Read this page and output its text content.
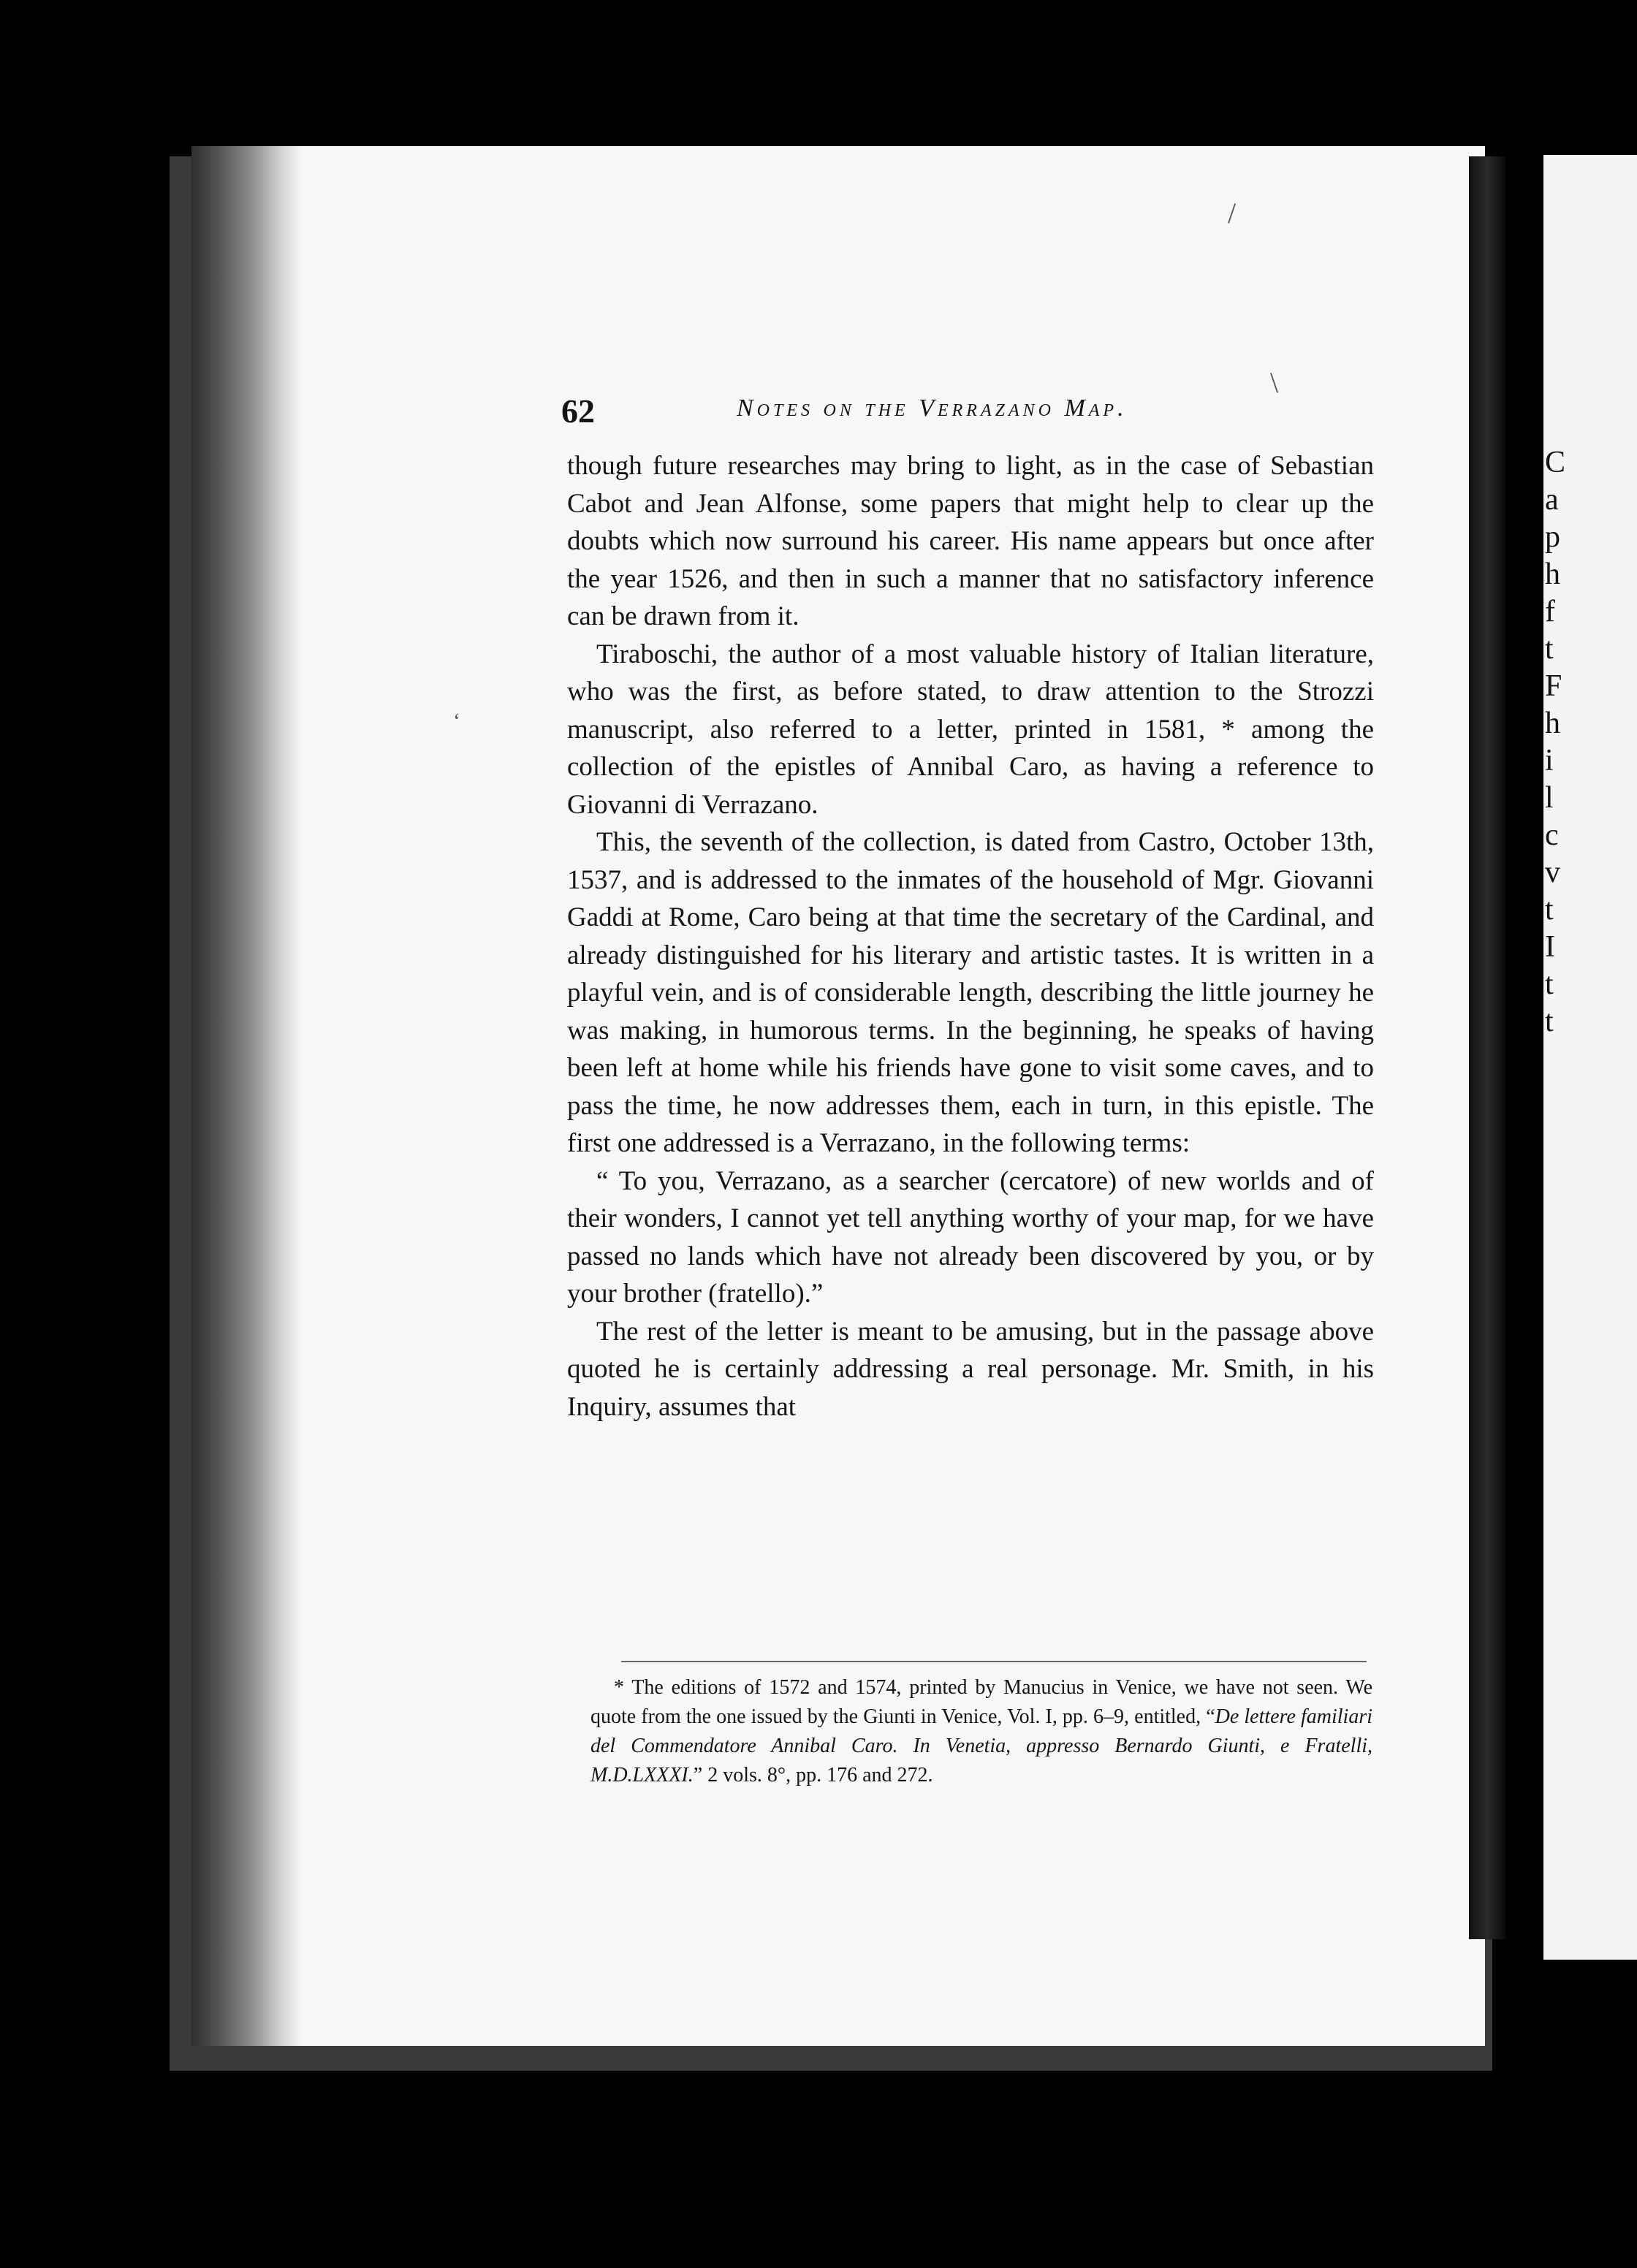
C
a
p
h
f
t
F
h
i
l
c
v
t
I
t
t
62	Notes on the Verrazano Map.

though future researches may bring to light, as in the case of Sebastian Cabot and Jean Alfonse, some papers that might help to clear up the doubts which now surround his career. His name appears but once after the year 1526, and then in such a manner that no satisfactory inference can be drawn from it.

Tiraboschi, the author of a most valuable history of Italian literature, who was the first, as before stated, to draw attention to the Strozzi manuscript, also referred to a letter, printed in 1581, * among the collection of the epistles of Annibal Caro, as having a reference to Giovanni di Verrazano.

This, the seventh of the collection, is dated from Castro, October 13th, 1537, and is addressed to the inmates of the household of Mgr. Giovanni Gaddi at Rome, Caro being at that time the secretary of the Cardinal, and already distinguished for his literary and artistic tastes. It is written in a playful vein, and is of considerable length, describing the little journey he was making, in humorous terms. In the beginning, he speaks of having been left at home while his friends have gone to visit some caves, and to pass the time, he now addresses them, each in turn, in this epistle. The first one addressed is a Verrazano, in the following terms:

“ To you, Verrazano, as a searcher (cercatore) of new worlds and of their wonders, I cannot yet tell anything worthy of your map, for we have passed no lands which have not already been discovered by you, or by your brother (fratello).”

The rest of the letter is meant to be amusing, but in the passage above quoted he is certainly addressing a real personage. Mr. Smith, in his Inquiry, assumes that

* The editions of 1572 and 1574, printed by Manucius in Venice, we have not seen. We quote from the one issued by the Giunti in Venice, Vol. I, pp. 6–9, entitled, “De lettere familiari del Commendatore Annibal Caro. In Venetia, appresso Bernardo Giunti, e Fratelli, M.D.LXXXI.” 2 vols. 8°, pp. 176 and 272.

/
\
‘
